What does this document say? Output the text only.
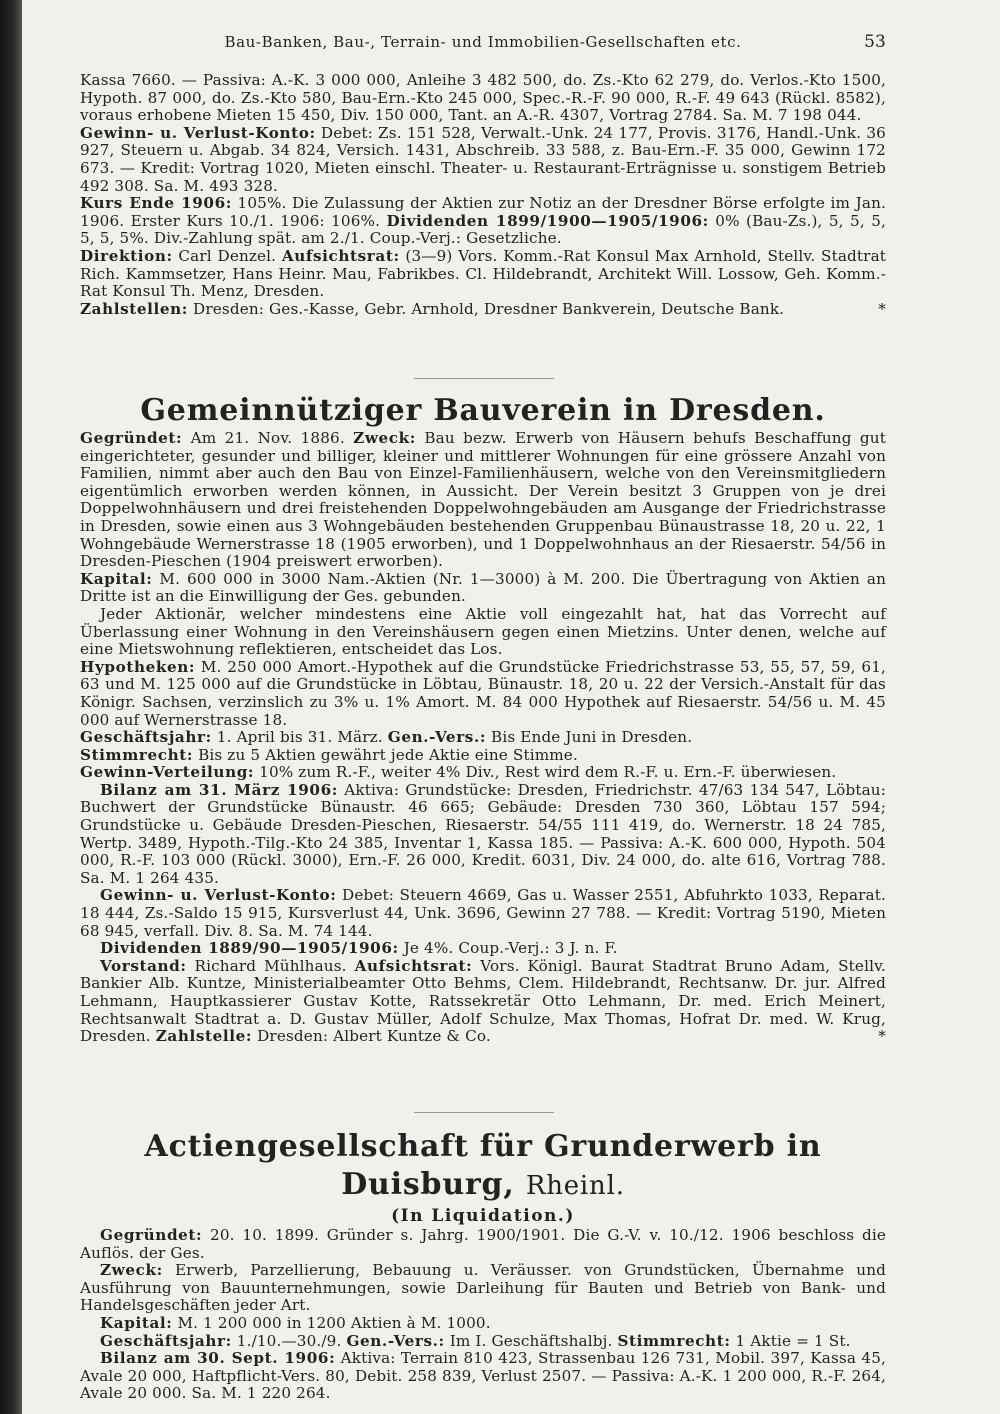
Bau-Banken, Bau-, Terrain- und Immobilien-Gesellschaften etc.	53

Kassa 7660. — Passiva: A.-K. 3 000 000, Anleihe 3 482 500, do. Zs.-Kto 62 279, do. Verlos.-Kto 1500, Hypoth. 87 000, do. Zs.-Kto 580, Bau-Ern.-Kto 245 000, Spec.-R.-F. 90 000, R.-F. 49 643 (Rückl. 8582), voraus erhobene Mieten 15 450, Div. 150 000, Tant. an A.-R. 4307, Vortrag 2784. Sa. M. 7 198 044.

Gewinn- u. Verlust-Konto: Debet: Zs. 151 528, Verwalt.-Unk. 24 177, Provis. 3176, Handl.-Unk. 36 927, Steuern u. Abgab. 34 824, Versich. 1431, Abschreib. 33 588, z. Bau-Ern.-F. 35 000, Gewinn 172 673. — Kredit: Vortrag 1020, Mieten einschl. Theater- u. Restaurant-Erträgnisse u. sonstigem Betrieb 492 308. Sa. M. 493 328.

Kurs Ende 1906: 105%. Die Zulassung der Aktien zur Notiz an der Dresdner Börse erfolgte im Jan. 1906. Erster Kurs 10./1. 1906: 106%. Dividenden 1899/1900—1905/1906: 0% (Bau-Zs.), 5, 5, 5, 5, 5, 5%. Div.-Zahlung spät. am 2./1. Coup.-Verj.: Gesetzliche.

Direktion: Carl Denzel. Aufsichtsrat: (3—9) Vors. Komm.-Rat Konsul Max Arnhold, Stellv. Stadtrat Rich. Kammsetzer, Hans Heinr. Mau, Fabrikbes. Cl. Hildebrandt, Architekt Will. Lossow, Geh. Komm.-Rat Konsul Th. Menz, Dresden.

Zahlstellen: Dresden: Ges.-Kasse, Gebr. Arnhold, Dresdner Bankverein, Deutsche Bank.	*

Gemeinnütziger Bauverein in Dresden.

Gegründet: Am 21. Nov. 1886. Zweck: Bau bezw. Erwerb von Häusern behufs Beschaffung gut eingerichteter, gesunder und billiger, kleiner und mittlerer Wohnungen für eine grössere Anzahl von Familien, nimmt aber auch den Bau von Einzel-Familienhäusern, welche von den Vereinsmitgliedern eigentümlich erworben werden können, in Aussicht. Der Verein besitzt 3 Gruppen von je drei Doppelwohnhäusern und drei freistehenden Doppelwohngebäuden am Ausgange der Friedrichstrasse in Dresden, sowie einen aus 3 Wohngebäuden bestehenden Gruppenbau Bünaustrasse 18, 20 u. 22, 1 Wohngebäude Wernerstrasse 18 (1905 erworben), und 1 Doppelwohnhaus an der Riesaerstr. 54/56 in Dresden-Pieschen (1904 preiswert erworben).

Kapital: M. 600 000 in 3000 Nam.-Aktien (Nr. 1—3000) à M. 200. Die Übertragung von Aktien an Dritte ist an die Einwilligung der Ges. gebunden.

Jeder Aktionär, welcher mindestens eine Aktie voll eingezahlt hat, hat das Vorrecht auf Überlassung einer Wohnung in den Vereinshäusern gegen einen Mietzins. Unter denen, welche auf eine Mietswohnung reflektieren, entscheidet das Los.

Hypotheken: M. 250 000 Amort.-Hypothek auf die Grundstücke Friedrichstrasse 53, 55, 57, 59, 61, 63 und M. 125 000 auf die Grundstücke in Löbtau, Bünaustr. 18, 20 u. 22 der Versich.-Anstalt für das Königr. Sachsen, verzinslich zu 3% u. 1% Amort. M. 84 000 Hypothek auf Riesaerstr. 54/56 u. M. 45 000 auf Wernerstrasse 18.

Geschäftsjahr: 1. April bis 31. März. Gen.-Vers.: Bis Ende Juni in Dresden.

Stimmrecht: Bis zu 5 Aktien gewährt jede Aktie eine Stimme.

Gewinn-Verteilung: 10% zum R.-F., weiter 4% Div., Rest wird dem R.-F. u. Ern.-F. überwiesen.

Bilanz am 31. März 1906: Aktiva: Grundstücke: Dresden, Friedrichstr. 47/63 134 547, Löbtau: Buchwert der Grundstücke Bünaustr. 46 665; Gebäude: Dresden 730 360, Löbtau 157 594; Grundstücke u. Gebäude Dresden-Pieschen, Riesaerstr. 54/55 111 419, do. Wernerstr. 18 24 785, Wertp. 3489, Hypoth.-Tilg.-Kto 24 385, Inventar 1, Kassa 185. — Passiva: A.-K. 600 000, Hypoth. 504 000, R.-F. 103 000 (Rückl. 3000), Ern.-F. 26 000, Kredit. 6031, Div. 24 000, do. alte 616, Vortrag 788. Sa. M. 1 264 435.

Gewinn- u. Verlust-Konto: Debet: Steuern 4669, Gas u. Wasser 2551, Abfuhrkto 1033, Reparat. 18 444, Zs.-Saldo 15 915, Kursverlust 44, Unk. 3696, Gewinn 27 788. — Kredit: Vortrag 5190, Mieten 68 945, verfall. Div. 8. Sa. M. 74 144.

Dividenden 1889/90—1905/1906: Je 4%. Coup.-Verj.: 3 J. n. F.

Vorstand: Richard Mühlhaus. Aufsichtsrat: Vors. Königl. Baurat Stadtrat Bruno Adam, Stellv. Bankier Alb. Kuntze, Ministerialbeamter Otto Behms, Clem. Hildebrandt, Rechtsanw. Dr. jur. Alfred Lehmann, Hauptkassierer Gustav Kotte, Ratssekretär Otto Lehmann, Dr. med. Erich Meinert, Rechtsanwalt Stadtrat a. D. Gustav Müller, Adolf Schulze, Max Thomas, Hofrat Dr. med. W. Krug, Dresden. Zahlstelle: Dresden: Albert Kuntze & Co.	*

Actiengesellschaft für Grunderwerb in Duisburg, Rheinl.

(In Liquidation.)

Gegründet: 20. 10. 1899. Gründer s. Jahrg. 1900/1901. Die G.-V. v. 10./12. 1906 beschloss die Auflös. der Ges.

Zweck: Erwerb, Parzellierung, Bebauung u. Veräusser. von Grundstücken, Übernahme und Ausführung von Bauunternehmungen, sowie Darleihung für Bauten und Betrieb von Bank- und Handelsgeschäften jeder Art.

Kapital: M. 1 200 000 in 1200 Aktien à M. 1000.

Geschäftsjahr: 1./10.—30./9. Gen.-Vers.: Im I. Geschäftshalbj. Stimmrecht: 1 Aktie = 1 St.

Bilanz am 30. Sept. 1906: Aktiva: Terrain 810 423, Strassenbau 126 731, Mobil. 397, Kassa 45, Avale 20 000, Haftpflicht-Vers. 80, Debit. 258 839, Verlust 2507. — Passiva: A.-K. 1 200 000, R.-F. 264, Avale 20 000. Sa. M. 1 220 264.
